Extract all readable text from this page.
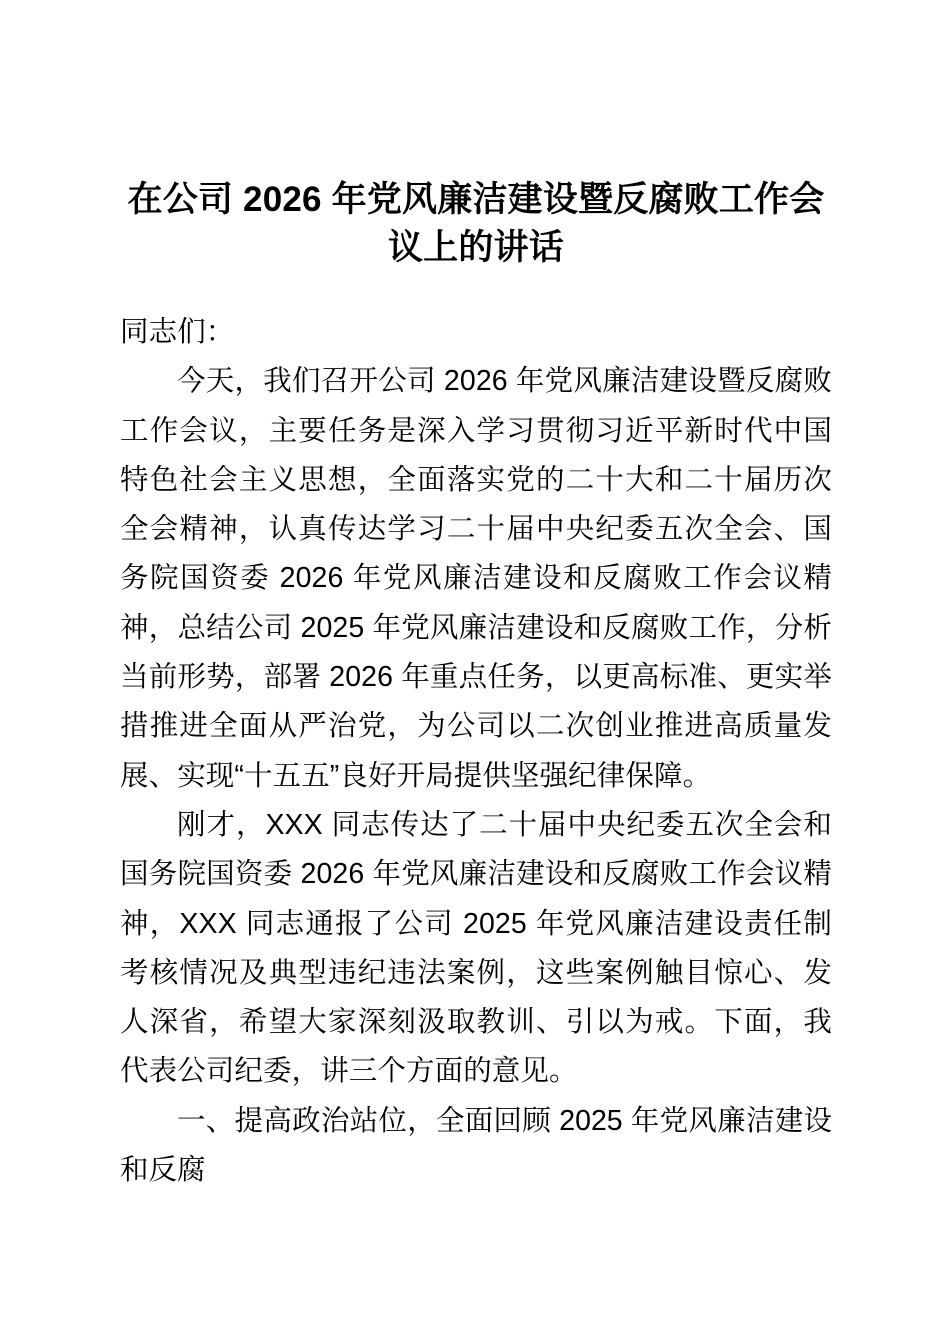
在公司 2026 年党风廉洁建设暨反腐败工作会议上的讲话

同志们：

今天，我们召开公司 2026 年党风廉洁建设暨反腐败工作会议，主要任务是深入学习贯彻习近平新时代中国特色社会主义思想，全面落实党的二十大和二十届历次全会精神，认真传达学习二十届中央纪委五次全会、国务院国资委 2026 年党风廉洁建设和反腐败工作会议精神，总结公司 2025 年党风廉洁建设和反腐败工作，分析当前形势，部署 2026 年重点任务，以更高标准、更实举措推进全面从严治党，为公司以二次创业推进高质量发展、实现“十五五”良好开局提供坚强纪律保障。

刚才，XXX 同志传达了二十届中央纪委五次全会和国务院国资委 2026 年党风廉洁建设和反腐败工作会议精神，XXX 同志通报了公司 2025 年党风廉洁建设责任制考核情况及典型违纪违法案例，这些案例触目惊心、发人深省，希望大家深刻汲取教训、引以为戒。下面，我代表公司纪委，讲三个方面的意见。

一、提高政治站位，全面回顾 2025 年党风廉洁建设和反腐
